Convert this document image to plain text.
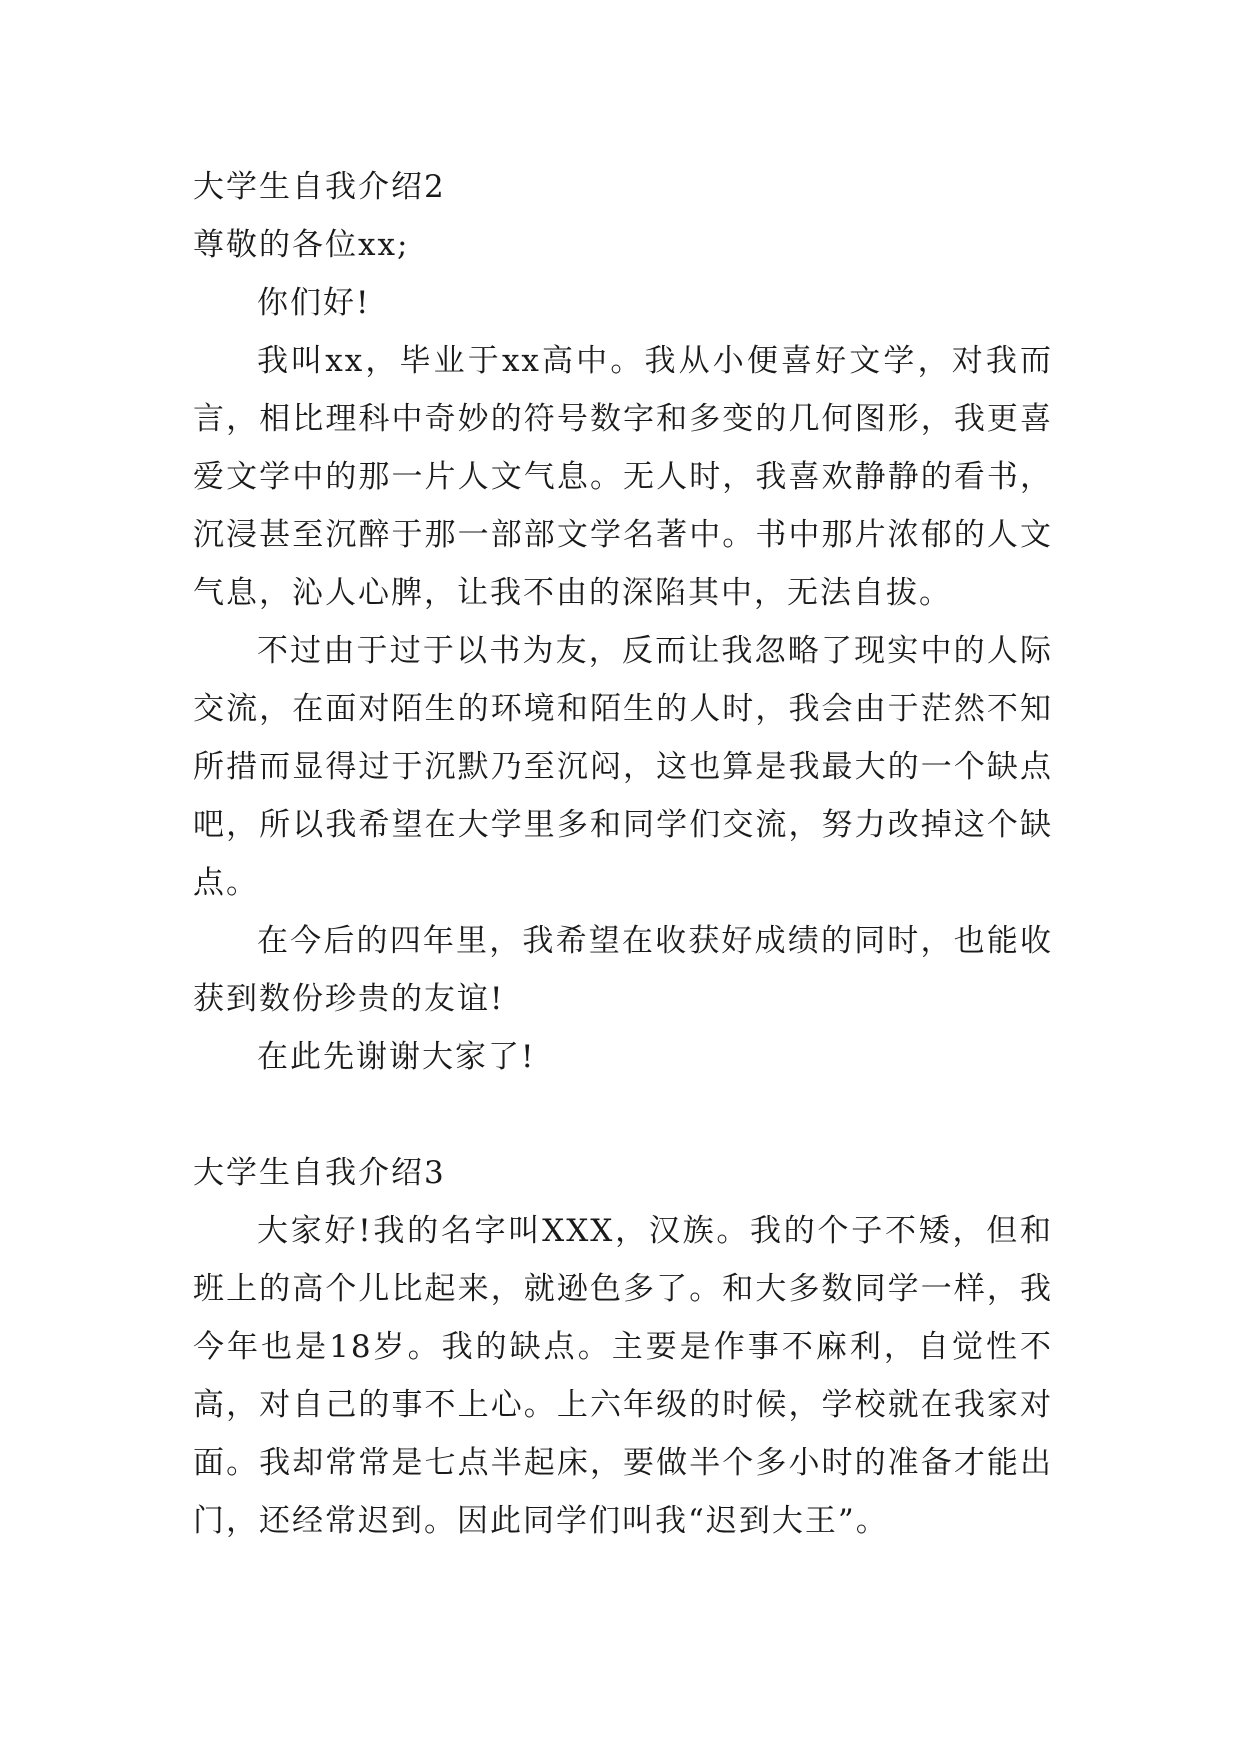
大学生自我介绍2

尊敬的各位xx;

你们好!

我叫xx，毕业于xx高中。我从小便喜好文学，对我而言，相比理科中奇妙的符号数字和多变的几何图形，我更喜爱文学中的那一片人文气息。无人时，我喜欢静静的看书，沉浸甚至沉醉于那一部部文学名著中。书中那片浓郁的人文气息，沁人心脾，让我不由的深陷其中，无法自拔。

不过由于过于以书为友，反而让我忽略了现实中的人际交流，在面对陌生的环境和陌生的人时，我会由于茫然不知所措而显得过于沉默乃至沉闷，这也算是我最大的一个缺点吧，所以我希望在大学里多和同学们交流，努力改掉这个缺点。

在今后的四年里，我希望在收获好成绩的同时，也能收获到数份珍贵的友谊!

在此先谢谢大家了!

大学生自我介绍3

大家好!我的名字叫XXX，汉族。我的个子不矮，但和班上的高个儿比起来，就逊色多了。和大多数同学一样，我今年也是18岁。我的缺点。主要是作事不麻利，自觉性不高，对自己的事不上心。上六年级的时候，学校就在我家对面。我却常常是七点半起床，要做半个多小时的准备才能出门，还经常迟到。因此同学们叫我“迟到大王”。
